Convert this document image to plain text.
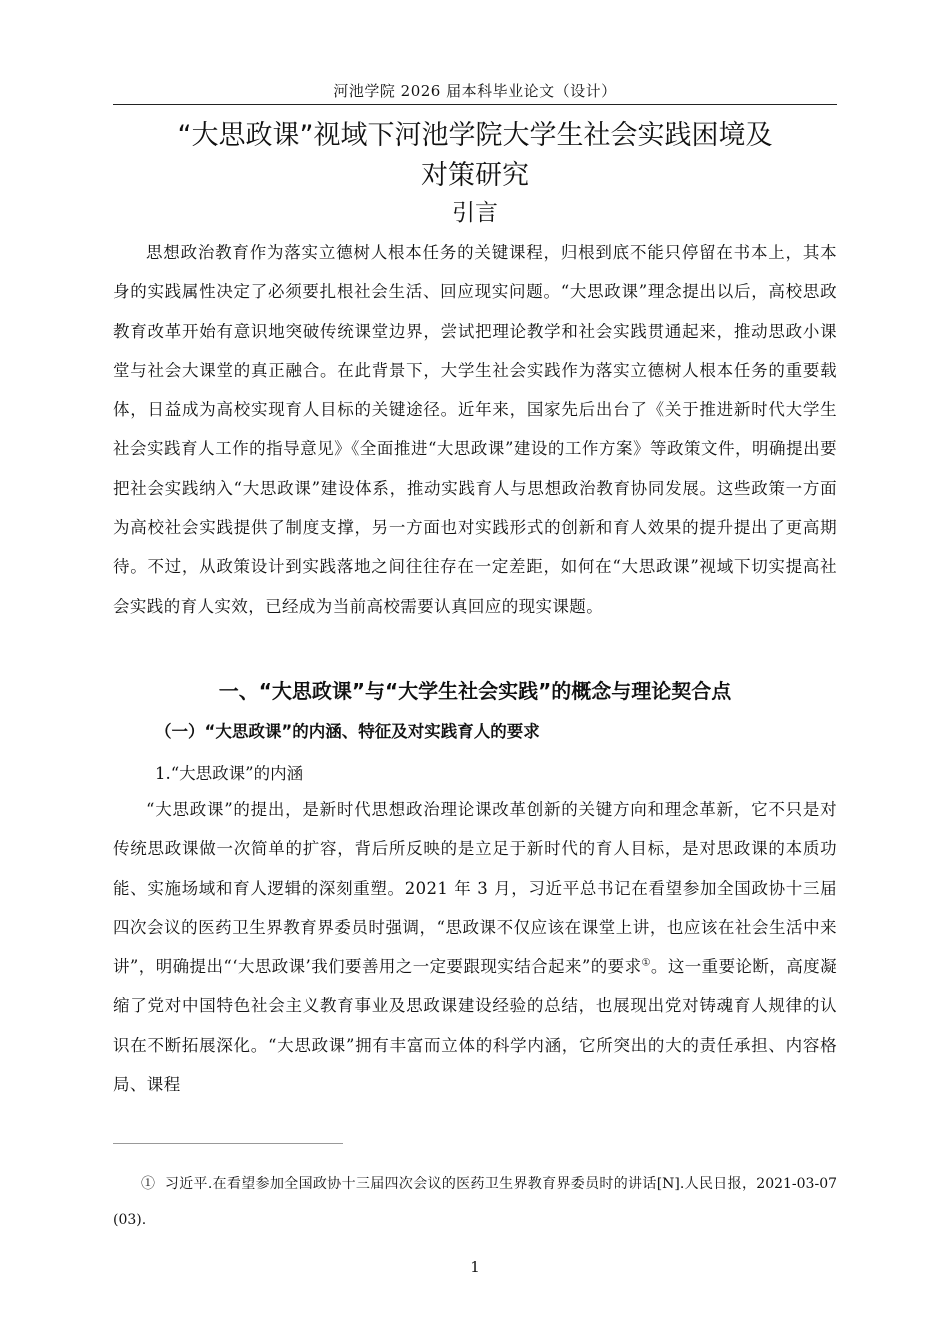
河池学院 2026 届本科毕业论文（设计）
“大思政课”视域下河池学院大学生社会实践困境及
对策研究
引言

思想政治教育作为落实立德树人根本任务的关键课程，归根到底不能只停留在书本上，其本身的实践属性决定了必须要扎根社会生活、回应现实问题。“大思政课”理念提出以后，高校思政教育改革开始有意识地突破传统课堂边界，尝试把理论教学和社会实践贯通起来，推动思政小课堂与社会大课堂的真正融合。在此背景下，大学生社会实践作为落实立德树人根本任务的重要载体，日益成为高校实现育人目标的关键途径。近年来，国家先后出台了《关于推进新时代大学生社会实践育人工作的指导意见》《全面推进“大思政课”建设的工作方案》等政策文件，明确提出要把社会实践纳入“大思政课”建设体系，推动实践育人与思想政治教育协同发展。这些政策一方面为高校社会实践提供了制度支撑，另一方面也对实践形式的创新和育人效果的提升提出了更高期待。不过，从政策设计到实践落地之间往往存在一定差距，如何在“大思政课”视域下切实提高社会实践的育人实效，已经成为当前高校需要认真回应的现实课题。

一、“大思政课”与“大学生社会实践”的概念与理论契合点
（一）“大思政课”的内涵、特征及对实践育人的要求
1.“大思政课”的内涵

“大思政课”的提出，是新时代思想政治理论课改革创新的关键方向和理念革新，它不只是对传统思政课做一次简单的扩容，背后所反映的是立足于新时代的育人目标，是对思政课的本质功能、实施场域和育人逻辑的深刻重塑。2021 年 3 月，习近平总书记在看望参加全国政协十三届四次会议的医药卫生界教育界委员时强调，“思政课不仅应该在课堂上讲，也应该在社会生活中来讲”，明确提出“‘大思政课’我们要善用之一定要跟现实结合起来”的要求①。这一重要论断，高度凝缩了党对中国特色社会主义教育事业及思政课建设经验的总结，也展现出党对铸魂育人规律的认识在不断拓展深化。“大思政课”拥有丰富而立体的科学内涵，它所突出的大的责任承担、内容格局、课程

① 习近平.在看望参加全国政协十三届四次会议的医药卫生界教育界委员时的讲话[N].人民日报，2021-03-07 (03).

1
